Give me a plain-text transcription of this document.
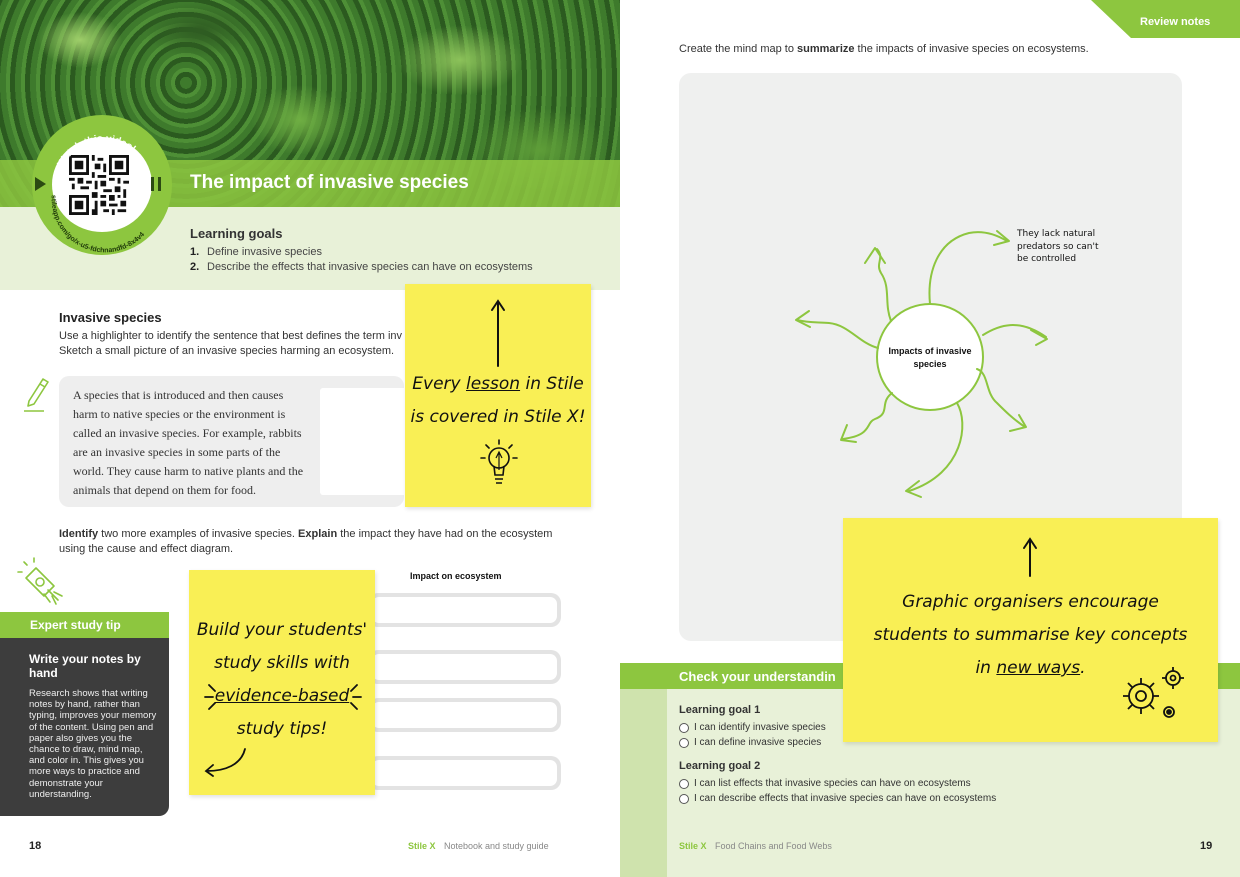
The impact of invasive species
Learning goals
1. Define invasive species
2. Describe the effects that invasive species can have on ecosystems
Watch this video!
stileapp.com/go/x-u5-fdchnandfd-8x4v4
Invasive species
Use a highlighter to identify the sentence that best defines the term inv
Sketch a small picture of an invasive species harming an ecosystem.
A species that is introduced and then causes harm to native species or the environment is called an invasive species. For example, rabbits are an invasive species in some parts of the world. They cause harm to native plants and the animals that depend on them for food.
Every lesson in Stile
is covered in Stile X!
Identify two more examples of invasive species. Explain the impact they have had on the ecosystem
using the cause and effect diagram.
Expert study tip
Write your notes by hand
Research shows that writing notes by hand, rather than typing, improves your memory of the content. Using pen and paper also gives you the chance to draw, mind map, and color in. This gives you more ways to practice and demonstrate your understanding.
Impact on ecosystem
Build your students'
study skills with
evidence-based
study tips!
18	Stile X Notebook and study guide
Review notes
Create the mind map to summarize the impacts of invasive species on ecosystems.
Impacts of invasive species
They lack natural
predators so can't
be controlled
Check your understandin
Learning goal 1
I can identify invasive species
I can define invasive species
Learning goal 2
I can list effects that invasive species can have on ecosystems
I can describe effects that invasive species can have on ecosystems
Graphic organisers encourage
students to summarise key concepts
in new ways.
Stile X Food Chains and Food Webs	19
